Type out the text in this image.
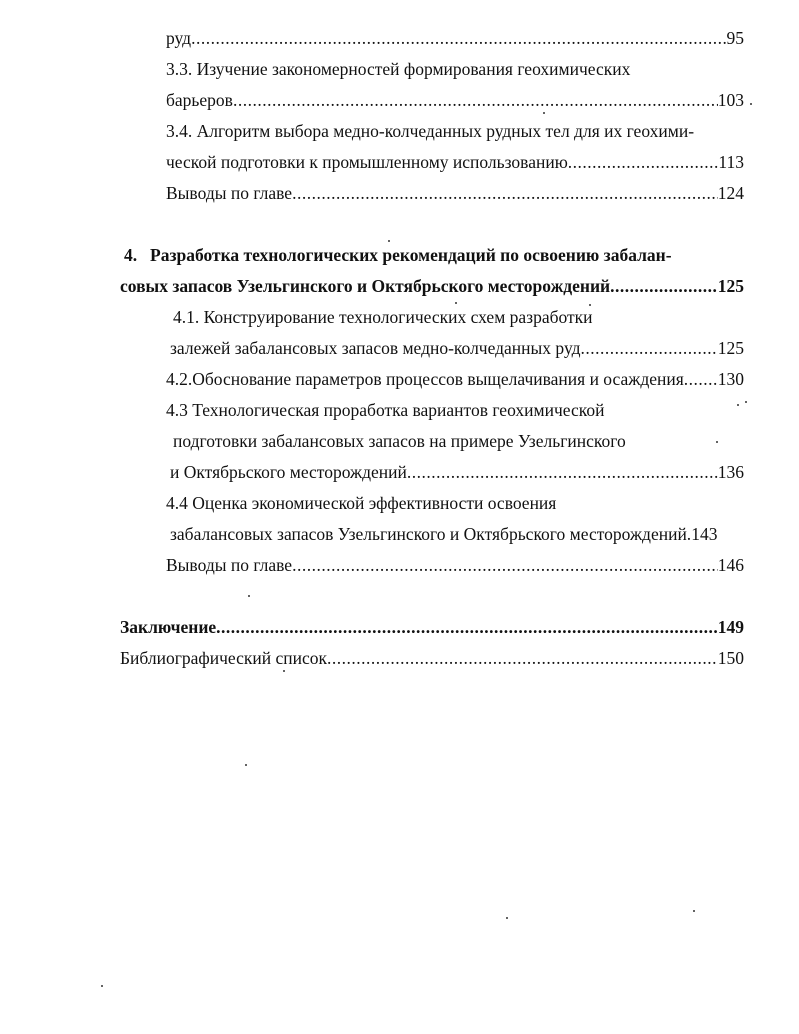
руд .....	95
3.3. Изучение закономерностей формирования геохимических
барьеров .....	103
3.4. Алгоритм выбора медно-колчеданных рудных тел для их геохими-
ческой подготовки к промышленному использованию .....	113
Выводы по главе .....	124
4. Разработка технологических рекомендаций по освоению забалан-
совых запасов Узельгинского и Октябрьского месторождений .....	125
4.1. Конструирование технологических схем разработки
залежей забалансовых запасов медно-колчеданных руд .....	125
4.2.Обоснование параметров процессов выщелачивания и осаждения ..... 130
4.3 Технологическая проработка вариантов геохимической
подготовки забалансовых запасов на примере Узельгинского
и Октябрьского месторождений .....	136
4.4 Оценка экономической эффективности освоения
забалансовых запасов Узельгинского и Октябрьского месторождений. 143
Выводы по главе .....	146
Заключение .....	149
Библиографический список .....	150
